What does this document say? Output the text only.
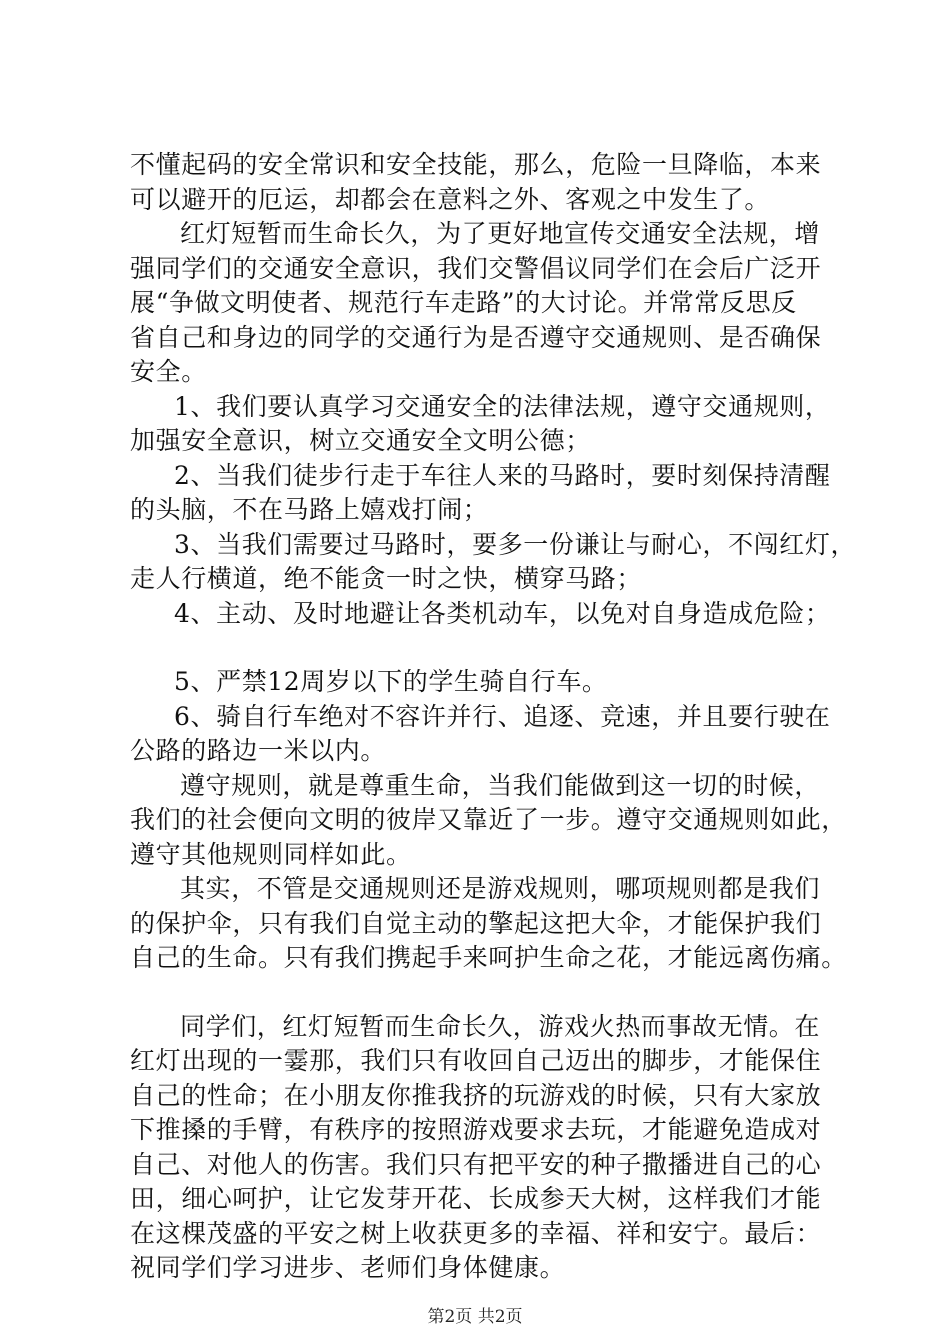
不懂起码的安全常识和安全技能，那么，危险一旦降临，本来
可以避开的厄运，却都会在意料之外、客观之中发生了。
红灯短暂而生命长久，为了更好地宣传交通安全法规，增
强同学们的交通安全意识，我们交警倡议同学们在会后广泛开
展“争做文明使者、规范行车走路”的大讨论。并常常反思反
省自己和身边的同学的交通行为是否遵守交通规则、是否确保
安全。
1、我们要认真学习交通安全的法律法规，遵守交通规则，
加强安全意识，树立交通安全文明公德；
2、当我们徒步行走于车往人来的马路时，要时刻保持清醒
的头脑，不在马路上嬉戏打闹；
3、当我们需要过马路时，要多一份谦让与耐心，不闯红灯，
走人行横道，绝不能贪一时之快，横穿马路；
4、主动、及时地避让各类机动车，以免对自身造成危险；
5、严禁12周岁以下的学生骑自行车。
6、骑自行车绝对不容许并行、追逐、竞速，并且要行驶在
公路的路边一米以内。
遵守规则，就是尊重生命，当我们能做到这一切的时候，
我们的社会便向文明的彼岸又靠近了一步。遵守交通规则如此，
遵守其他规则同样如此。
其实，不管是交通规则还是游戏规则，哪项规则都是我们
的保护伞，只有我们自觉主动的擎起这把大伞，才能保护我们
自己的生命。只有我们携起手来呵护生命之花，才能远离伤痛。
同学们，红灯短暂而生命长久，游戏火热而事故无情。在
红灯出现的一霎那，我们只有收回自己迈出的脚步，才能保住
自己的性命；在小朋友你推我挤的玩游戏的时候，只有大家放
下推搡的手臂，有秩序的按照游戏要求去玩，才能避免造成对
自己、对他人的伤害。我们只有把平安的种子撒播进自己的心
田，细心呵护，让它发芽开花、长成参天大树，这样我们才能
在这棵茂盛的平安之树上收获更多的幸福、祥和安宁。最后：
祝同学们学习进步、老师们身体健康。
第2页 共2页
